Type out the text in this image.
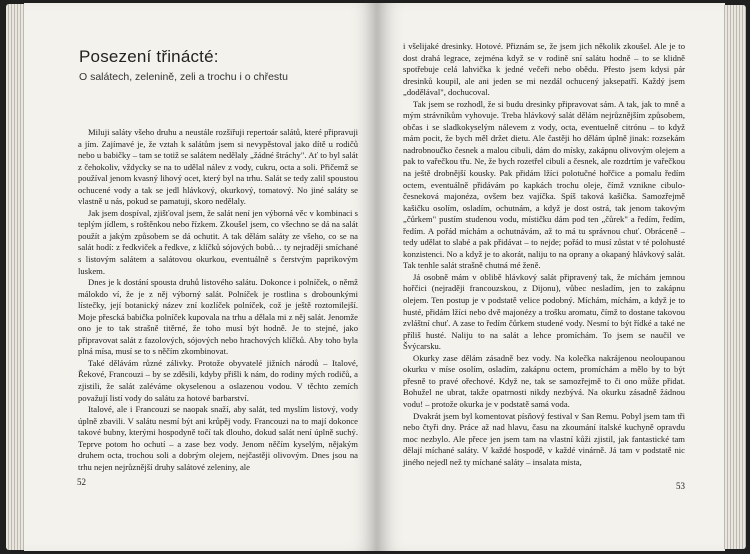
Posezení třinácté:
O salátech, zelenině, zeli a trochu i o chřestu

Miluji saláty všeho druhu a neustále rozšiřuji repertoár salátů, které připravuji a jím. Zajímavé je, že vztah k salátům jsem si nevypěstoval jako dítě u rodičů nebo u babičky – tam se totiž se salátem nedělaly „žádné štráchy". Ať to byl salát z čehokoliv, vždycky se na to udělal nálev z vody, cukru, octa a soli. Přičemž se používal jenom kvasný lihový ocet, který byl na trhu. Salát se tedy zalil spoustou ochucené vody a tak se jedl hlávkový, okurkový, tomatový. No jiné saláty se vlastně u nás, pokud se pamatuji, skoro nedělaly.

Jak jsem dospíval, zjišťoval jsem, že salát není jen výborná věc v kombinaci s teplým jídlem, s roštěnkou nebo řízkem. Zkoušel jsem, co všechno se dá na salát použít a jakým způsobem se dá ochutit. A tak dělám saláty ze všeho, co se na salát hodí: z ředkviček a ředkve, z klíčků sójových bobů… ty nejraději smíchané s listovým salátem a salátovou okurkou, eventuálně s čerstvým paprikovým luskem.

Dnes je k dostání spousta druhů listového salátu. Dokonce i polníček, o němž málokdo ví, že je z něj výborný salát. Polníček je rostlina s drobounkými lístečky, její botanický název zní kozlíček polníček, což je ještě roztomilejší. Moje přescká babička polníček kupovala na trhu a dělala mi z něj salát. Jenomže ono je to tak strašně titěrné, že toho musí být hodně. Je to stejné, jako připravovat salát z fazolových, sójových nebo hrachových klíčků. Aby toho byla plná mísa, musí se to s něčím zkombinovat.

Také dělávám různé zálivky. Protože obyvatelé jižních národů – Italové, Řekové, Francouzi – by se zděsili, kdyby přišli k nám, do rodiny mých rodičů, a zjistili, že salát zaléváme okyselenou a oslazenou vodou. V těchto zemích považují listí vody do salátu za hotové barbarství.

Italové, ale i Francouzi se naopak snaží, aby salát, ted myslím listový, vody úplně zbavili. V salátu nesmí být ani krůpěj vody. Francouzi na to mají dokonce takové bubny, kterými hospodyně točí tak dlouho, dokud salát není úplně suchý. Teprve potom ho ochutí – a zase bez vody. Jenom něčím kyselým, nějakým druhem octa, trochou soli a dobrým olejem, nejčastěji olivovým. Dnes jsou na trhu nejen nejrůznější druhy salátové zeleniny, ale

52

i všelijaké dresinky. Hotové. Přiznám se, že jsem jich několik zkoušel. Ale je to dost drahá legrace, zejména když se v rodině sní salátu hodně – to se klidně spotřebuje celá lahvička k jedné večeři nebo obědu. Přesto jsem kdysi pár dresinků koupil, ale ani jeden se mi nezdál ochucený jaksepatří. Každý jsem „dodělával", dochucoval.

Tak jsem se rozhodl, že si budu dresinky připravovat sám. A tak, jak to mně a mým strávníkům vyhovuje. Treba hlávkový salát dělám nejrůznějším způsobem, občas i se sladkokyselým nálevem z vody, octa, eventuelně citrónu – to když mám pocit, že bych měl držet dietu. Ale častěji ho dělám úplně jinak: rozsekám nadrobnoučko česnek a malou cibuli, dám do mísky, zakápnu olivovým olejem a pak to vařečkou třu. Ne, že bych rozetřel cibuli a česnek, ale rozdrtím je vařečkou na ještě drobnější kousky. Pak přidám lžíci polotučné hořčice a pomalu ředím octem, eventuálně přidávám po kapkách trochu oleje, čímž vznikne cibulo-česneková majonéza, ovšem bez vajíčka. Spíš taková kašička. Samozřejmě kašičku osolím, osladím, ochutnám, a když je dost ostrá, tak jenom takovým „čůrkem" pustím studenou vodu, místičku dám pod ten „čůrek" a ředím, ředím, ředím. A pořád míchám a ochutnávám, až to má tu správnou chuť. Obráceně – tedy udělat to slabé a pak přidávat – to nejde; pořád to musí zůstat v té polohusté konzistenci. No a když je to akorát, naliju to na oprany a okapaný hlávkový salát. Tak tenhle salát strašně chutná mé ženě.

Já osobně mám v oblibě hlávkový salát připravený tak, že míchám jemnou hořčici (nejraději francouzskou, z Dijonu), vůbec nesladím, jen to zakápnu olejem. Ten postup je v podstatě velice podobný. Míchám, míchám, a když je to husté, přidám lžíci nebo dvě majonézy a trošku aromatu, čímž to dostane takovou zvláštní chuť. A zase to ředím čůrkem studené vody. Nesmí to být řídké a také ne příliš husté. Naliju to na salát a lehce promíchám. To jsem se naučil ve Švýcarsku.

Okurky zase dělám zásadně bez vody. Na kolečka nakrájenou neoloupanou okurku v míse osolím, osladím, zakápnu octem, promíchám a mělo by to být přesně to pravé ořechové. Když ne, tak se samozřejmě to či ono může přidat. Bohužel ne ubrat, takže opatrnosti nikdy nezbývá. Na okurku zásadně žádnou vodu! – protože okurka je v podstatě samá voda.

Dvakrát jsem byl komentovat písňový festival v San Remu. Pobyl jsem tam tři nebo čtyři dny. Práce až nad hlavu, času na zkoumání italské kuchyně opravdu moc nezbylo. Ale přece jen jsem tam na vlastní kůži zjistil, jak fantastické tam dělají míchané saláty. V každé hospodě, v každé vinárně. Já tam v podstatě nic jiného nejedl než ty míchané saláty – insalata mista,

53
